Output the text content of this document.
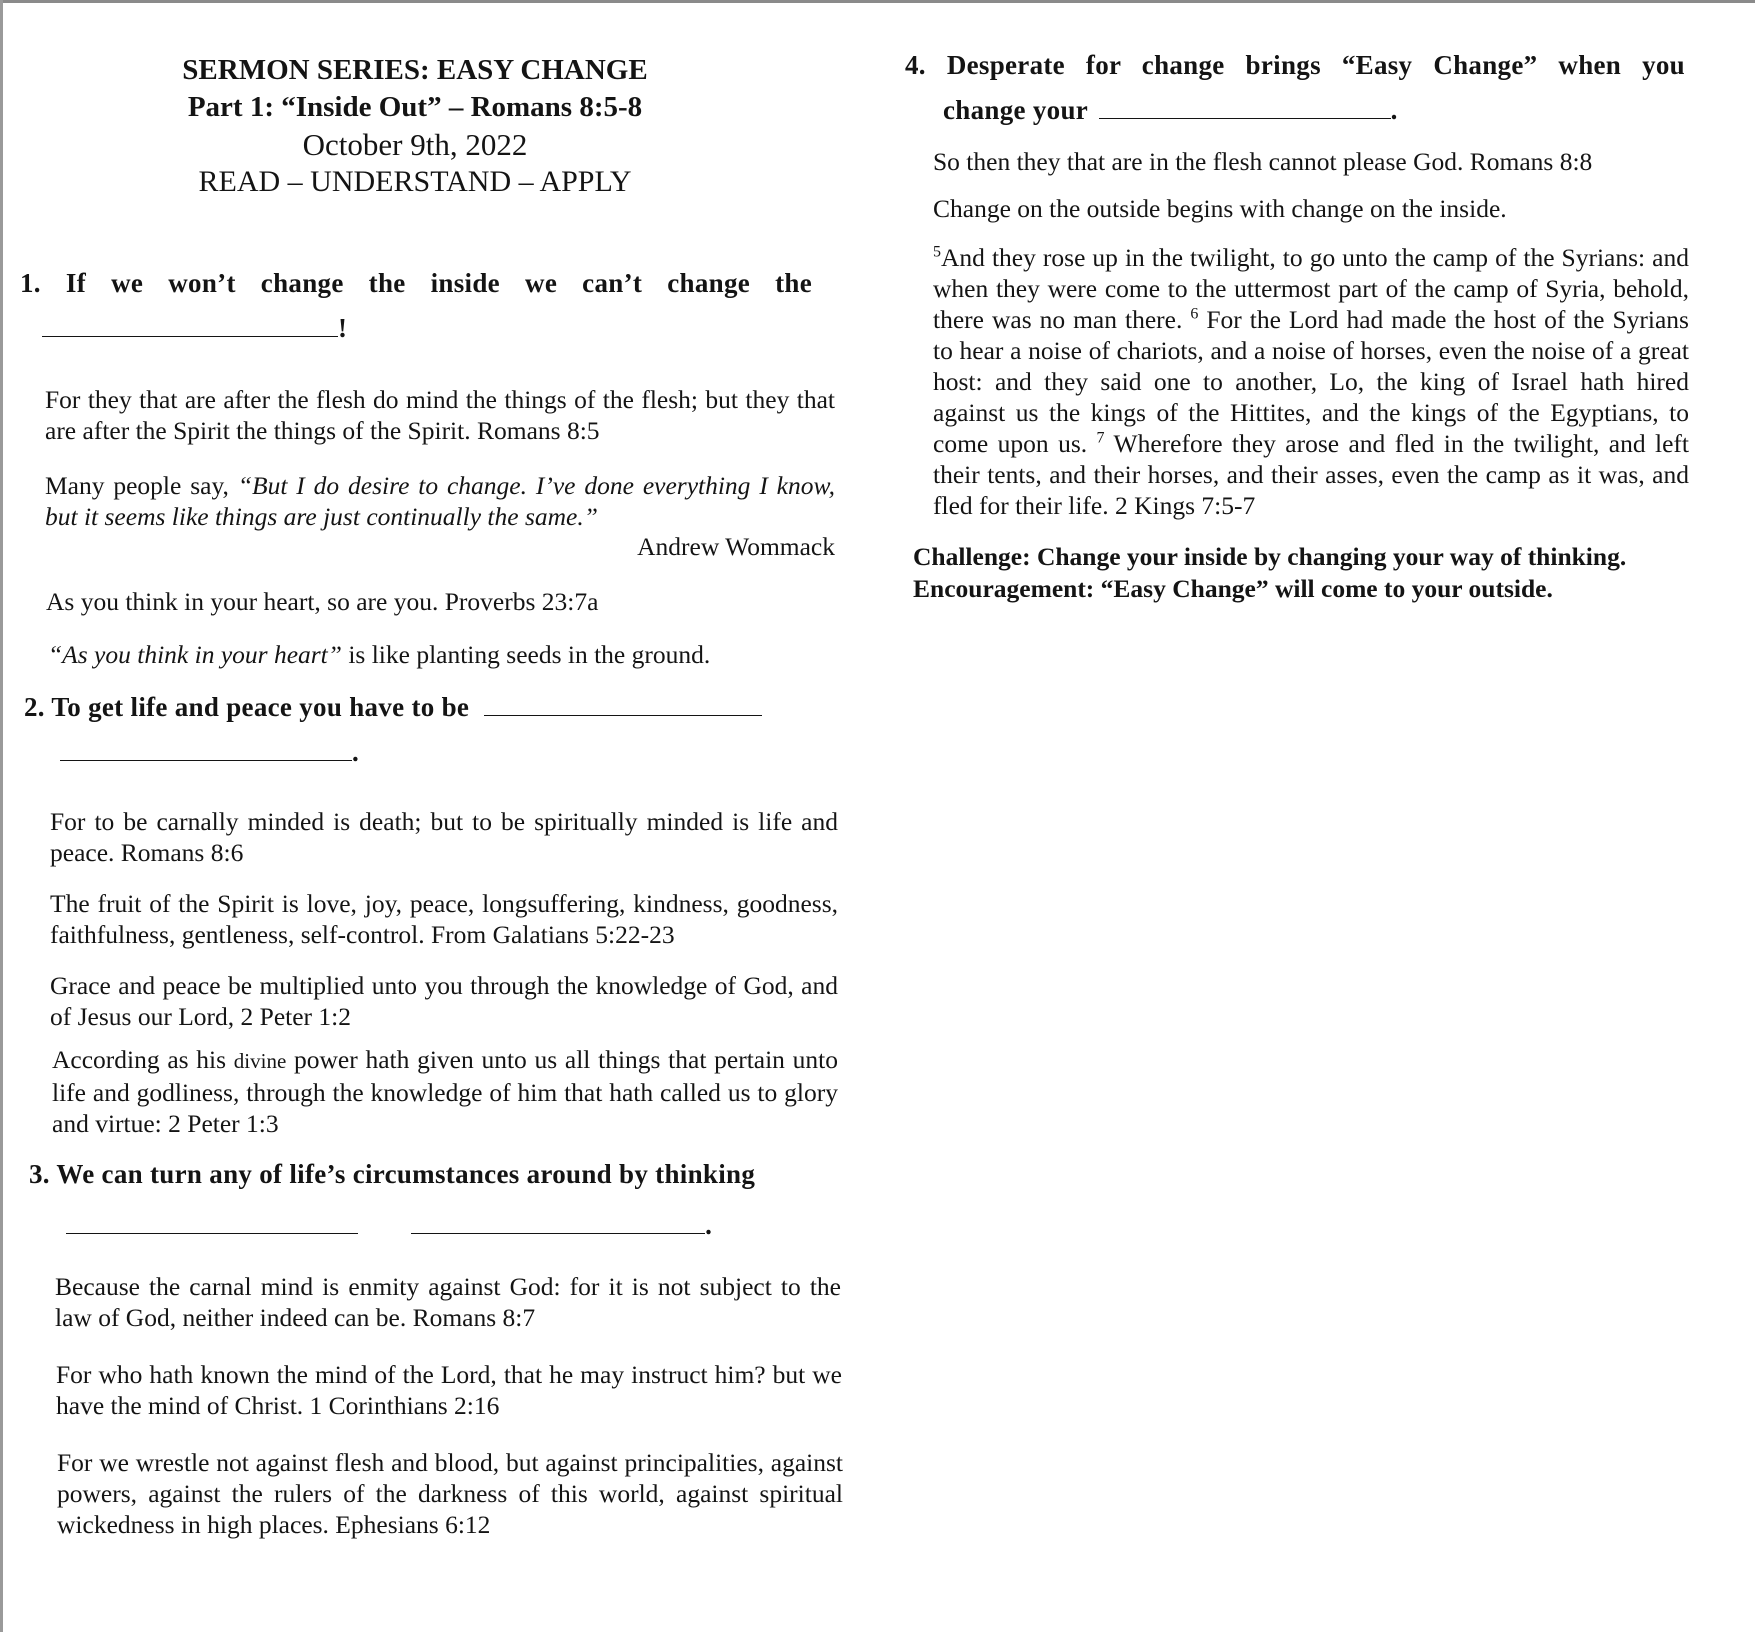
SERMON SERIES: EASY CHANGE
Part 1: “Inside Out” – Romans 8:5-8
October 9th, 2022
READ – UNDERSTAND – APPLY
1. If we won’t change the inside we can’t change the
!
For they that are after the flesh do mind the things of the flesh; but they that are after the Spirit the things of the Spirit. Romans 8:5
Many people say, “But I do desire to change. I’ve done everything I know, but it seems like things are just continually the same.”
Andrew Wommack
As you think in your heart, so are you. Proverbs 23:7a
“As you think in your heart” is like planting seeds in the ground.
2. To get life and peace you have to be
.
For to be carnally minded is death; but to be spiritually minded is life and peace. Romans 8:6
The fruit of the Spirit is love, joy, peace, longsuffering, kindness, goodness, faithfulness, gentleness, self-control. From Galatians 5:22-23
Grace and peace be multiplied unto you through the knowledge of God, and of Jesus our Lord, 2 Peter 1:2
According as his divine power hath given unto us all things that pertain unto life and godliness, through the knowledge of him that hath called us to glory and virtue: 2 Peter 1:3
3. We can turn any of life’s circumstances around by thinking
.
Because the carnal mind is enmity against God: for it is not subject to the law of God, neither indeed can be. Romans 8:7
For who hath known the mind of the Lord, that he may instruct him? but we have the mind of Christ. 1 Corinthians 2:16
For we wrestle not against flesh and blood, but against principalities, against powers, against the rulers of the darkness of this world, against spiritual wickedness in high places. Ephesians 6:12
4. Desperate for change brings “Easy Change” when you
change your	.
So then they that are in the flesh cannot please God. Romans 8:8
Change on the outside begins with change on the inside.
$^5$And they rose up in the twilight, to go unto the camp of the Syrians: and when they were come to the uttermost part of the camp of Syria, behold, there was no man there. $^6$ For the Lord had made the host of the Syrians to hear a noise of chariots, and a noise of horses, even the noise of a great host: and they said one to another, Lo, the king of Israel hath hired against us the kings of the Hittites, and the kings of the Egyptians, to come upon us. $^7$ Wherefore they arose and fled in the twilight, and left their tents, and their horses, and their asses, even the camp as it was, and fled for their life. 2 Kings 7:5-7
Challenge: Change your inside by changing your way of thinking.
Encouragement: “Easy Change” will come to your outside.
